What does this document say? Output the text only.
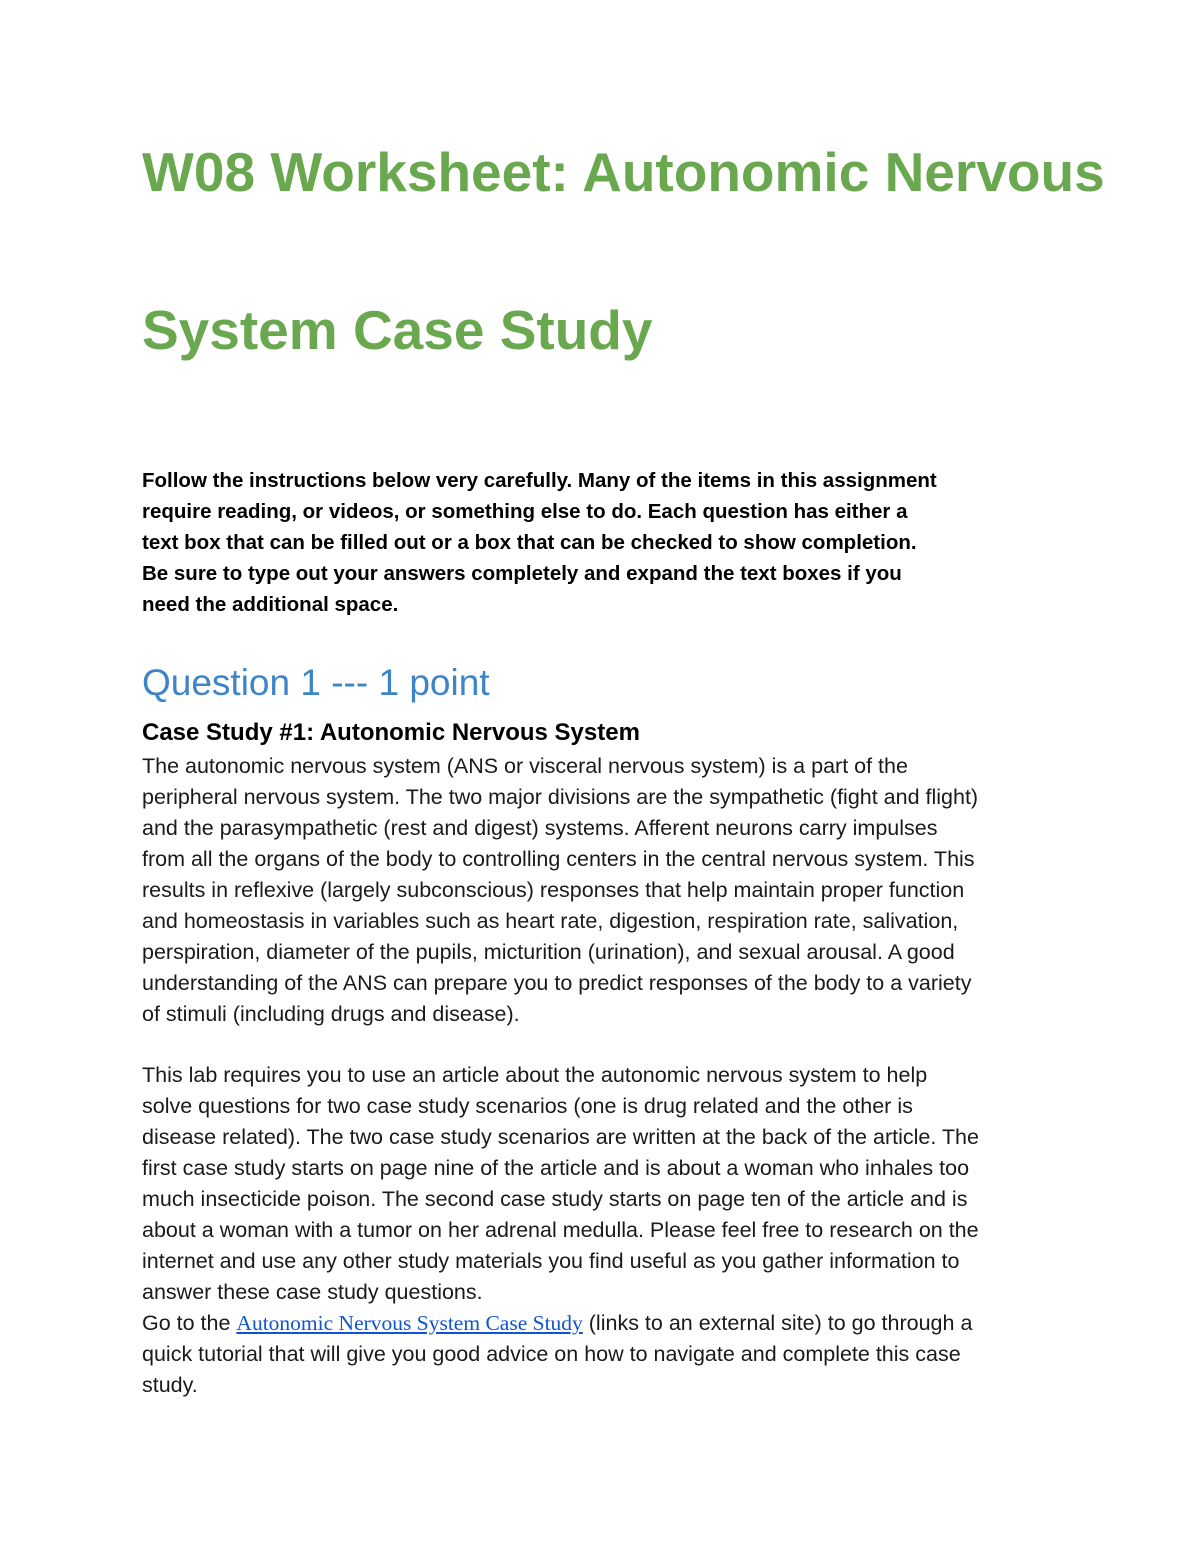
W08 Worksheet: Autonomic Nervous
System Case Study
Follow the instructions below very carefully. Many of the items in this assignment
require reading, or videos, or something else to do. Each question has either a
text box that can be filled out or a box that can be checked to show completion.
Be sure to type out your answers completely and expand the text boxes if you
need the additional space.
Question 1 --- 1 point
Case Study #1: Autonomic Nervous System
The autonomic nervous system (ANS or visceral nervous system) is a part of the
peripheral nervous system. The two major divisions are the sympathetic (fight and flight)
and the parasympathetic (rest and digest) systems. Afferent neurons carry impulses
from all the organs of the body to controlling centers in the central nervous system. This
results in reflexive (largely subconscious) responses that help maintain proper function
and homeostasis in variables such as heart rate, digestion, respiration rate, salivation,
perspiration, diameter of the pupils, micturition (urination), and sexual arousal. A good
understanding of the ANS can prepare you to predict responses of the body to a variety
of stimuli (including drugs and disease).
This lab requires you to use an article about the autonomic nervous system to help
solve questions for two case study scenarios (one is drug related and the other is
disease related). The two case study scenarios are written at the back of the article. The
first case study starts on page nine of the article and is about a woman who inhales too
much insecticide poison. The second case study starts on page ten of the article and is
about a woman with a tumor on her adrenal medulla. Please feel free to research on the
internet and use any other study materials you find useful as you gather information to
answer these case study questions.
Go to the Autonomic Nervous System Case Study (links to an external site) to go through a
quick tutorial that will give you good advice on how to navigate and complete this case
study.
